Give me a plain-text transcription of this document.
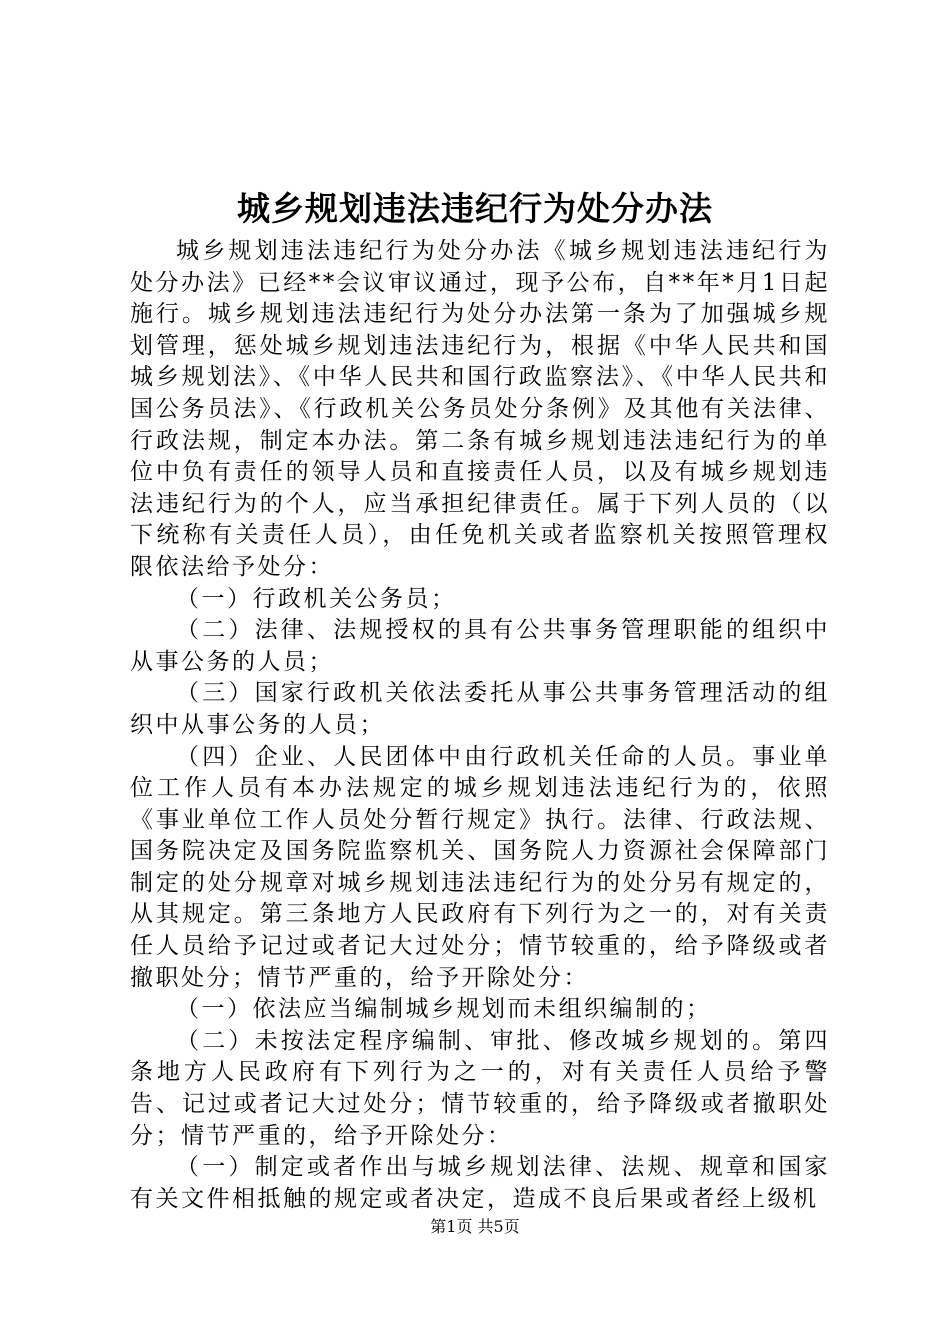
城乡规划违法违纪行为处分办法

城乡规划违法违纪行为处分办法《城乡规划违法违纪行为处分办法》已经**会议审议通过，现予公布，自**年*月1日起施行。城乡规划违法违纪行为处分办法第一条为了加强城乡规划管理，惩处城乡规划违法违纪行为，根据《中华人民共和国城乡规划法》、《中华人民共和国行政监察法》、《中华人民共和国公务员法》、《行政机关公务员处分条例》及其他有关法律、行政法规，制定本办法。第二条有城乡规划违法违纪行为的单位中负有责任的领导人员和直接责任人员，以及有城乡规划违法违纪行为的个人，应当承担纪律责任。属于下列人员的（以下统称有关责任人员），由任免机关或者监察机关按照管理权限依法给予处分：

（一）行政机关公务员；

（二）法律、法规授权的具有公共事务管理职能的组织中从事公务的人员；

（三）国家行政机关依法委托从事公共事务管理活动的组织中从事公务的人员；

（四）企业、人民团体中由行政机关任命的人员。事业单位工作人员有本办法规定的城乡规划违法违纪行为的，依照《事业单位工作人员处分暂行规定》执行。法律、行政法规、国务院决定及国务院监察机关、国务院人力资源社会保障部门制定的处分规章对城乡规划违法违纪行为的处分另有规定的，从其规定。第三条地方人民政府有下列行为之一的，对有关责任人员给予记过或者记大过处分；情节较重的，给予降级或者撤职处分；情节严重的，给予开除处分：

（一）依法应当编制城乡规划而未组织编制的；

（二）未按法定程序编制、审批、修改城乡规划的。第四条地方人民政府有下列行为之一的，对有关责任人员给予警告、记过或者记大过处分；情节较重的，给予降级或者撤职处分；情节严重的，给予开除处分：

（一）制定或者作出与城乡规划法律、法规、规章和国家有关文件相抵触的规定或者决定，造成不良后果或者经上级机

第1页 共5页
